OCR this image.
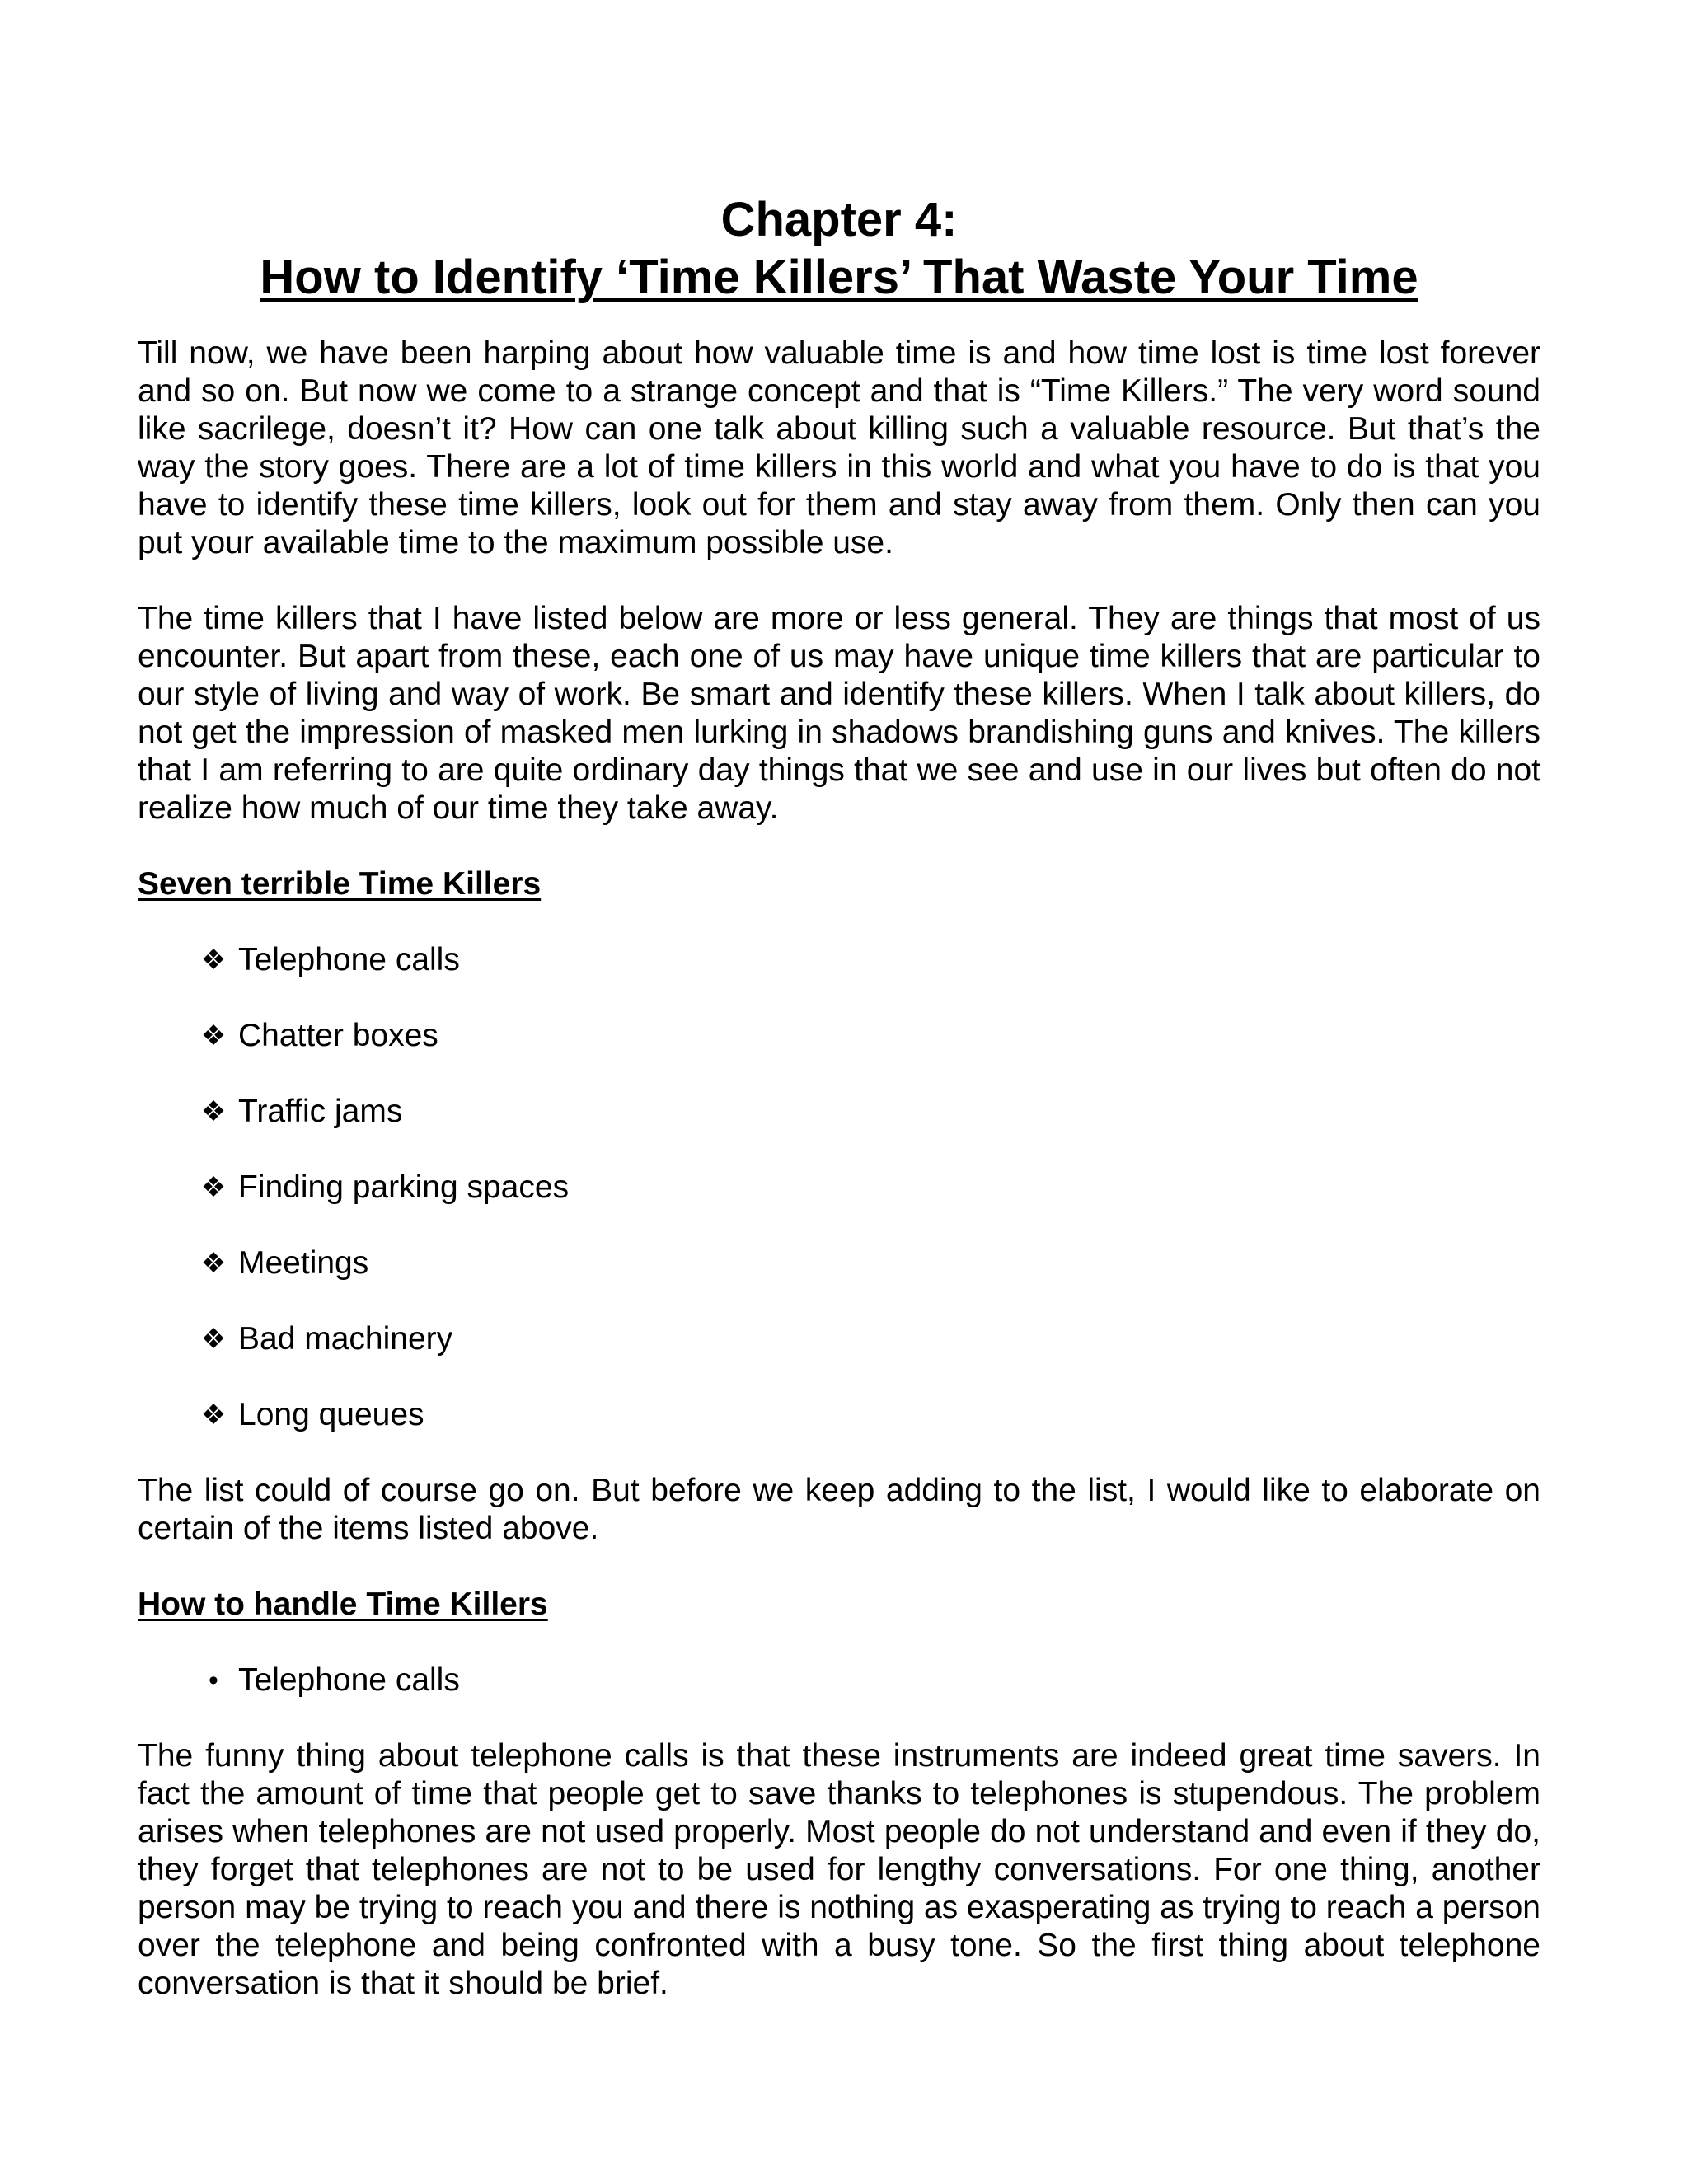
Chapter 4:
How to Identify ‘Time Killers’ That Waste Your Time

Till now, we have been harping about how valuable time is and how time lost is time lost forever and so on. But now we come to a strange concept and that is “Time Killers.” The very word sound like sacrilege, doesn’t it? How can one talk about killing such a valuable resource. But that’s the way the story goes. There are a lot of time killers in this world and what you have to do is that you have to identify these time killers, look out for them and stay away from them. Only then can you put your available time to the maximum possible use.

The time killers that I have listed below are more or less general. They are things that most of us encounter. But apart from these, each one of us may have unique time killers that are particular to our style of living and way of work. Be smart and identify these killers. When I talk about killers, do not get the impression of masked men lurking in shadows brandishing guns and knives. The killers that I am referring to are quite ordinary day things that we see and use in our lives but often do not realize how much of our time they take away.

Seven terrible Time Killers
❖ Telephone calls
❖ Chatter boxes
❖ Traffic jams
❖ Finding parking spaces
❖ Meetings
❖ Bad machinery
❖ Long queues

The list could of course go on. But before we keep adding to the list, I would like to elaborate on certain of the items listed above.

How to handle Time Killers
• Telephone calls

The funny thing about telephone calls is that these instruments are indeed great time savers. In fact the amount of time that people get to save thanks to telephones is stupendous. The problem arises when telephones are not used properly. Most people do not understand and even if they do, they forget that telephones are not to be used for lengthy conversations. For one thing, another person may be trying to reach you and there is nothing as exasperating as trying to reach a person over the telephone and being confronted with a busy tone. So the first thing about telephone conversation is that it should be brief.
